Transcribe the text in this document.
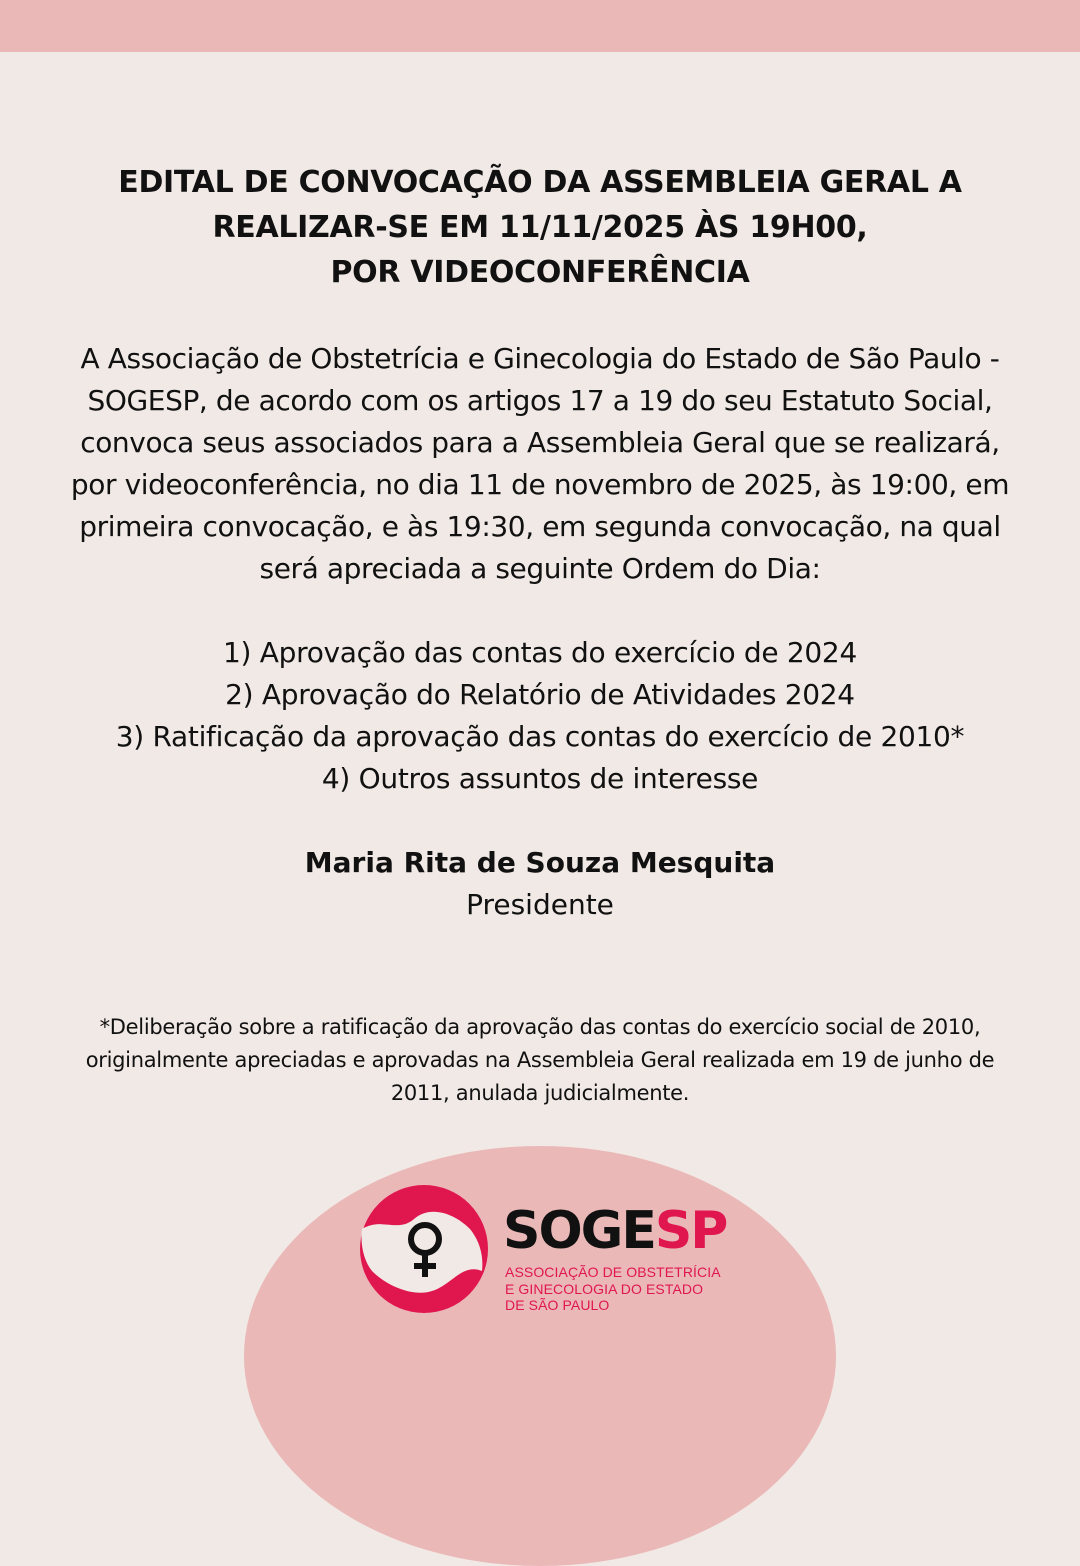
EDITAL DE CONVOCAÇÃO DA ASSEMBLEIA GERAL A
REALIZAR-SE EM 11/11/2025 ÀS 19H00,
POR VIDEOCONFERÊNCIA
A Associação de Obstetrícia e Ginecologia do Estado de São Paulo -
SOGESP, de acordo com os artigos 17 a 19 do seu Estatuto Social,
convoca seus associados para a Assembleia Geral que se realizará,
por videoconferência, no dia 11 de novembro de 2025, às 19:00, em
primeira convocação, e às 19:30, em segunda convocação, na qual
será apreciada a seguinte Ordem do Dia:
1) Aprovação das contas do exercício de 2024
2) Aprovação do Relatório de Atividades 2024
3) Ratificação da aprovação das contas do exercício de 2010*
4) Outros assuntos de interesse
Maria Rita de Souza Mesquita
Presidente
*Deliberação sobre a ratificação da aprovação das contas do exercício social de 2010,
originalmente apreciadas e aprovadas na Assembleia Geral realizada em 19 de junho de
2011, anulada judicialmente.
SOGESP
ASSOCIAÇÃO DE OBSTETRÍCIA
E GINECOLOGIA DO ESTADO
DE SÃO PAULO
